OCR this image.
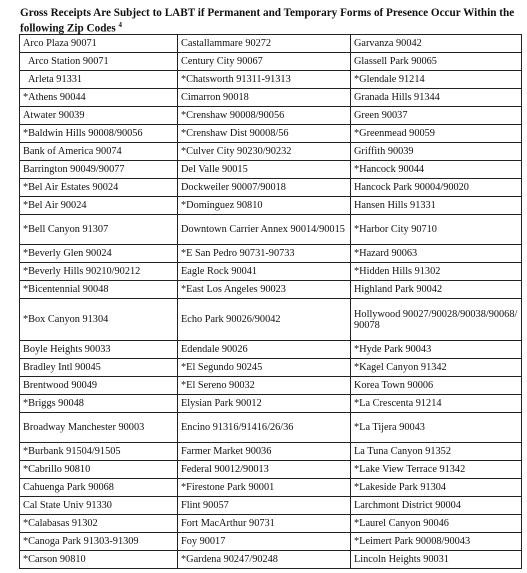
Gross Receipts Are Subject to LABT if Permanent and Temporary Forms of Presence Occur Within the following Zip Codes $^4$
Arco Plaza 90071	Castallammare 90272	Garvanza 90042
Arco Station 90071	Century City 90067	Glassell Park 90065
Arleta 91331	*Chatsworth 91311-91313	*Glendale 91214
*Athens 90044	Cimarron 90018	Granada Hills 91344
Atwater 90039	*Crenshaw 90008/90056	Green 90037
*Baldwin Hills 90008/90056	*Crenshaw Dist 90008/56	*Greenmead 90059
Bank of America 90074	*Culver City 90230/90232	Griffith 90039
Barrington 90049/90077	Del Valle 90015	*Hancock 90044
*Bel Air Estates 90024	Dockweiler 90007/90018	Hancock Park 90004/90020
*Bel Air 90024	*Dominguez 90810	Hansen Hills 91331
*Bell Canyon 91307	Downtown Carrier Annex 90014/90015	*Harbor City 90710
*Beverly Glen 90024	*E San Pedro 90731-90733	*Hazard 90063
*Beverly Hills 90210/90212	Eagle Rock 90041	*Hidden Hills 91302
*Bicentennial 90048	*East Los Angeles 90023	Highland Park 90042
*Box Canyon 91304	Echo Park 90026/90042	Hollywood 90027/90028/90038/90068/ 90078
Boyle Heights 90033	Edendale 90026	*Hyde Park 90043
Bradley Intl 90045	*El Segundo 90245	*Kagel Canyon 91342
Brentwood 90049	*El Sereno 90032	Korea Town 90006
*Briggs 90048	Elysian Park 90012	*La Crescenta 91214
Broadway Manchester 90003	Encino 91316/91416/26/36	*La Tijera 90043
*Burbank 91504/91505	Farmer Market 90036	La Tuna Canyon 91352
*Cabrillo 90810	Federal 90012/90013	*Lake View Terrace 91342
Cahuenga Park 90068	*Firestone Park 90001	*Lakeside Park 91304
Cal State Univ 91330	Flint 90057	Larchmont District 90004
*Calabasas 91302	Fort MacArthur 90731	*Laurel Canyon 90046
*Canoga Park 91303-91309	Foy 90017	*Leimert Park 90008/90043
*Carson 90810	*Gardena 90247/90248	Lincoln Heights 90031
